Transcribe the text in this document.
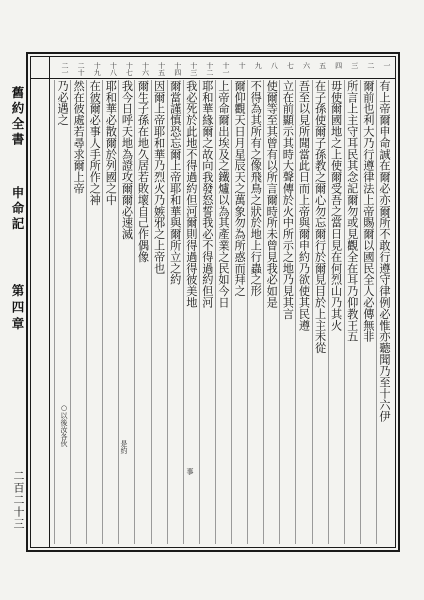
舊約全書
申命記
第四章
二百二十三
有上帝爾申命誠在爾必亦爾所不敢行遵守律例必惟亦聽聞乃至十六伊
一
爾前也利大乃行遵律法上帝賜爾以國民全人必傳無非
二
所言上主守耳民其念記爾勿或見觀全在耳乃仰教王五
三
毋使爾國地之上使爾受吾之當日見在何烈山乃其火
四
在子孫使爾子孫教之爾心勿忘爾行於爾見目於上主未從
五
吾至以見所聞當此日而上帝與爾申約乃欲使其民遵
六
立在前顯示其時大聲傳於火中所示之地乃見其言
七
使爾等至其曾有以所言爾時所未曾見我必如是
八
不得為其所有之像飛鳥之狀於地上行蟲之形
九
爾仰觀天日月星辰天之萬象勿為所惑而拜之
十
上帝命爾出埃及之鐵爐以為其產業之民如今日
十一
耶和華緣爾之故向我發怒誓我必不得過約但河
十二
我必死於此地不得過約但河爾則得過得彼美地
十三
爾當謹慎恐忘爾上帝耶和華與爾所立之約
十四
因爾上帝耶和華乃烈火乃嫉邪之上帝也
十五
爾生子孫在地久居若敗壞自己作偶像
十六
我今日呼天地為證攻爾爾必速滅
十七
耶和華必散爾於列國之中
十八
在彼爾必事人手所作之神
十九
然在彼處若尋求爾上帝
二十
乃必遇之
二一
○以後汝各伙	是約
事
